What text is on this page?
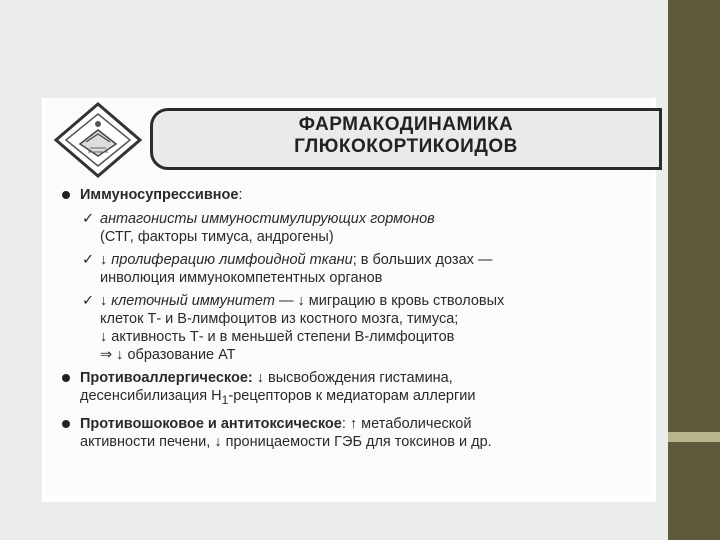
ФАРМАКОДИНАМИКА
ГЛЮКОКОРТИКОИДОВ
Иммуносупрессивное:
✓ антагонисты иммуностимулирующих гормонов
(СТГ, факторы тимуса, андрогены)
✓ ↓ пролиферацию лимфоидной ткани; в больших дозах —
инволюция иммунокомпетентных органов
✓ ↓ клеточный иммунитет — ↓ миграцию в кровь стволовых
клеток Т- и В-лимфоцитов из костного мозга, тимуса;
↓ активность Т- и в меньшей степени В-лимфоцитов
⇒ ↓ образование АТ
Противоаллергическое: ↓ высвобождения гистамина,
десенсибилизация $Н_1$-рецепторов к медиаторам аллергии
Противошоковое и антитоксическое: ↑ метаболической
активности печени, ↓ проницаемости ГЭБ для токсинов и др.
